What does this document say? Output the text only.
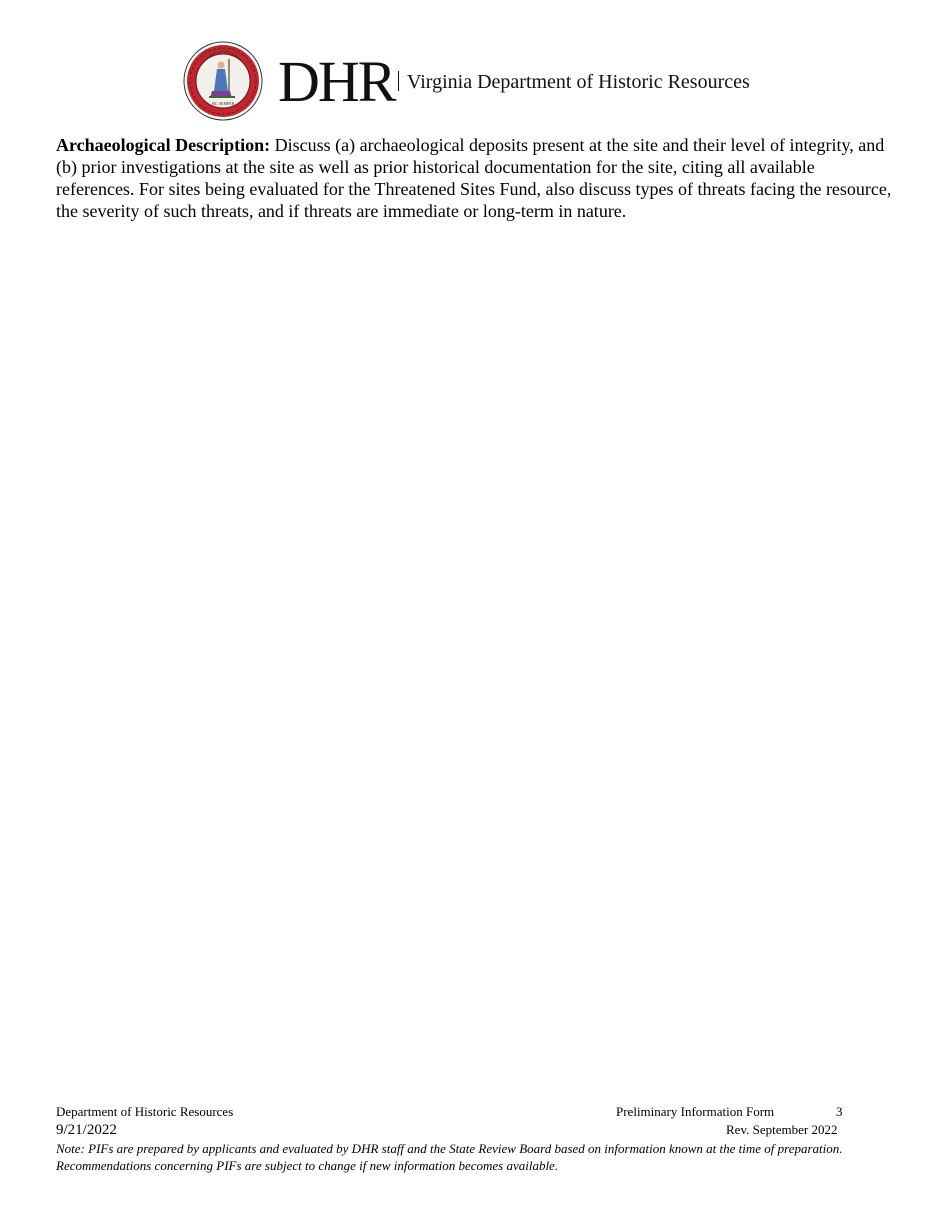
SIC SEMPER DHR Virginia Department of Historic Resources
Archaeological Description: Discuss (a) archaeological deposits present at the site and their level of integrity, and (b) prior investigations at the site as well as prior historical documentation for the site, citing all available references. For sites being evaluated for the Threatened Sites Fund, also discuss types of threats facing the resource, the severity of such threats, and if threats are immediate or long-term in nature.
Department of Historic Resources	Preliminary Information Form	3
9/21/2022	Rev. September 2022
Note: PIFs are prepared by applicants and evaluated by DHR staff and the State Review Board based on information known at the time of preparation.
Recommendations concerning PIFs are subject to change if new information becomes available.
